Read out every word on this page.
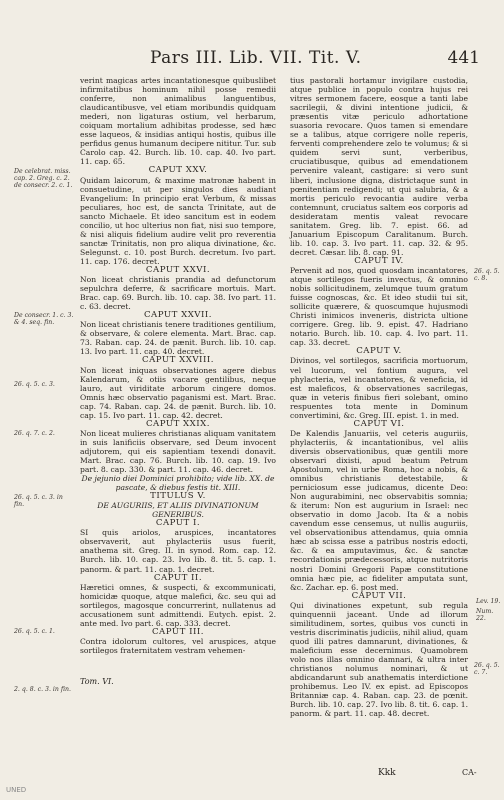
Pars III. Lib. VII. Tit. V.	441

verint magicas artes incantationesque quibuslibet infirmitatibus hominum nihil posse remedii conferre, non animalibus languentibus, claudicantibusve, vel etiam moribundis quidquam mederi, non ligaturas ostium, vel herbarum, coiquam mortalium adhibitas prodesse, sed hæc esse laqueos, & insidias antiqui hostis, quibus ille perfidus genus humanum decipere nititur. Tur. sub Carolo cap. 42. Burch. lib. 10. cap. 40. Ivo part. 11. cap. 65.

CAPUT XXV.

Quidam laicorum, & maxime matronæ habent in consuetudine, ut per singulos dies audiant Evangelium: In principio erat Verbum, & missas peculiares, hoc est, de sancta Trinitate, aut de sancto Michaele. Et ideo sancitum est in eodem concilio, ut hoc ulterius non fiat, nisi suo tempore, & nisi aliquis fidelium audire velit pro reverentia sanctæ Trinitatis, non pro aliqua divinatione, &c. Selegunst. c. 10. post Burch. decretum. Ivo part. 11. cap. 176. decret.

CAPUT XXVI.

Non liceat christianis prandia ad defunctorum sepulchra deferre, & sacrificare mortuis. Mart. Brac. cap. 69. Burch. lib. 10. cap. 38. Ivo part. 11. c. 63. decret.

CAPUT XXVII.

Non liceat christianis tenere traditiones gentilium, & observare, & colere elementa. Mart. Brac. cap. 73. Raban. cap. 24. de pænit. Burch. lib. 10. cap. 13. Ivo part. 11. cap. 40. decret.

CAPUT XXVIII.

Non liceat iniquas observationes agere diebus Kalendarum, & otiis vacare gentilibus, neque lauro, aut viriditate arborum cingere domos. Omnis hæc observatio paganismi est. Mart. Brac. cap. 74. Raban. cap. 24. de pænit. Burch. lib. 10. cap. 15. Ivo part. 11. cap. 42. decret.

CAPUT XXIX.

Non liceat mulieres christianas aliquam vanitatem in suis lanificiis observare, sed Deum invocent adjutorem, qui eis sapientiam texendi donavit. Mart. Brac. cap. 76. Burch. lib. 10. cap. 19. Ivo part. 8. cap. 330. & part. 11. cap. 46. decret.

De jejunio diei Dominici prohibito; vide lib. XX. de pascate, & diebus festis tit. XIII.

TITULUS V.

DE AUGURIIS, ET ALIIS DIVINATIONUM GENERIBUS.

CAPUT I.

SI quis ariolos, aruspices, incantatores observaverit, aut phylacteriis usus fuerit, anathema sit. Greg. II. in synod. Rom. cap. 12. Burch. lib. 10. cap. 23. Ivo lib. 8. tit. 5. cap. 1. panorm. & part. 11. cap. 1. decret.

CAPUT II.

Hæretici omnes, & suspecti, & excommunicati, homicidæ quoque, atque malefici, &c. seu qui ad sortilegos, magosque concurrerint, nullatenus ad accusationem sunt admittendi. Eutych. epist. 2. ante med. Ivo part. 6. cap. 333. decret.

CAPUT III.

Contra idolorum cultores, vel aruspices, atque sortilegos fraternitatem vestram vehemen-

tius pastorali hortamur invigilare custodia, atque publice in populo contra hujus rei vitres sermonem facere, eosque a tanti labe sacrilegii, & divini intentione judicii, & præsentis vitæ periculo adhortatione suasoria revocare. Quos tamen si emendare se a talibus, atque corrigere nolle reperis, ferventi comprehendere zelo te volumus; & si quidem servi sunt, verberibus, cruciatibusque, quibus ad emendationem pervenire valeant, castigare: si vero sunt liberi, inclusione digna, districtaque sunt in pœnitentiam redigendi; ut qui salubria, & a mortis periculo revocantia audire verba contemnunt, cruciatus saltem eos corporis ad desideratam mentis valeat revocare sanitatem. Greg. lib. 7. epist. 66. ad Januarium Episcopum Caralitanum. Burch. lib. 10. cap. 3. Ivo part. 11. cap. 32. & 95. decret. Cæsar. lib. 8. cap. 91.

CAPUT IV.

Pervenit ad nos, quod quosdam incantatores, atque sortilegos fueris invectus, & omnino nobis sollicitudinem, zelumque tuum gratum fuisse cognoscas, &c. Et ideo studii tui sit, sollicite quærere, & quoscumque hujusmodi Christi inimicos inveneris, districta ultione corrigere. Greg. lib. 9. epist. 47. Hadriano notario. Burch. lib. 10. cap. 4. Ivo part. 11. cap. 33. decret.

CAPUT V.

Divinos, vel sortilegos, sacrificia mortuorum, vel lucorum, vel fontium augura, vel phylacteria, vel incantatores, & veneficia, id est maleficos, & observationes sacrilegas, quæ in veteris finibus fieri solebant, omino respuentes tota mente in Dominum convertimini, &c. Greg. III. epist. 1. in med.

CAPUT VI.

De Kalendis Januariis, vel ceteris auguriis, phylacteriis, & incantationibus, vel aliis diversis observationibus, quæ gentili more observari dixisti, apud beatum Petrum Apostolum, vel in urbe Roma, hoc a nobis, & omnibus christianis detestabile, & perniciosum esse judicamus, dicente Deo: Non augurabimini, nec observabitis somnia; & iterum: Non est augurium in Israel: nec observatio in domo Jacob. Ita & a nobis cavendum esse censemus, ut nullis auguriis, vel observationibus attendamus, quia omnia hæc ab scissa esse a patribus nostris edocti, &c. & ea amputavimus, &c. & sanctæ recordationis prædecessoris, atque nutritoris nostri Domini Gregorii Papæ constitutione omnia hæc pie, ac fideliter amputata sunt, &c. Zachar. ep. 6. post med.

CAPUT VII.

Qui divinationes expetunt, sub regula quinquennii jaceant. Unde ad illorum similitudinem, sortes, quibus vos cuncti in vestris discriminatis judiciis, nihil aliud, quam quod illi patres damnarunt, divinationes, & maleficium esse decernimus. Quamobrem volo nos illas omnino damnari, & ultra inter christianos nolumus nominari, & ut abdicandarunt sub anathematis interdictione prohibemus. Leo IV. ex epist. ad Episcopos Britanniæ cap. 4. Raban. cap. 23. de pœnit. Burch. lib. 10. cap. 27. Ivo lib. 8. tit. 6. cap. 1. panorm. & part. 11. cap. 48. decret.

De celebrat. miss. cap. 2. Greg. c. 2. de consecr. 2. c. 1.
De consecr. 1. c. 3. & 4. seq. fin.
26. q. 5. c. 3.
26. q. 7. c. 2.
26. q. 5. c. 3. in fin.
26. q. 5. c. 1.
2. q. 8. c. 3. in fin.
26. q. 5. c. 8.
Lev. 19.
Num. 22.
26. q. 5. c. 7.
Tom. VI.
Kkk	CA-
UNED
